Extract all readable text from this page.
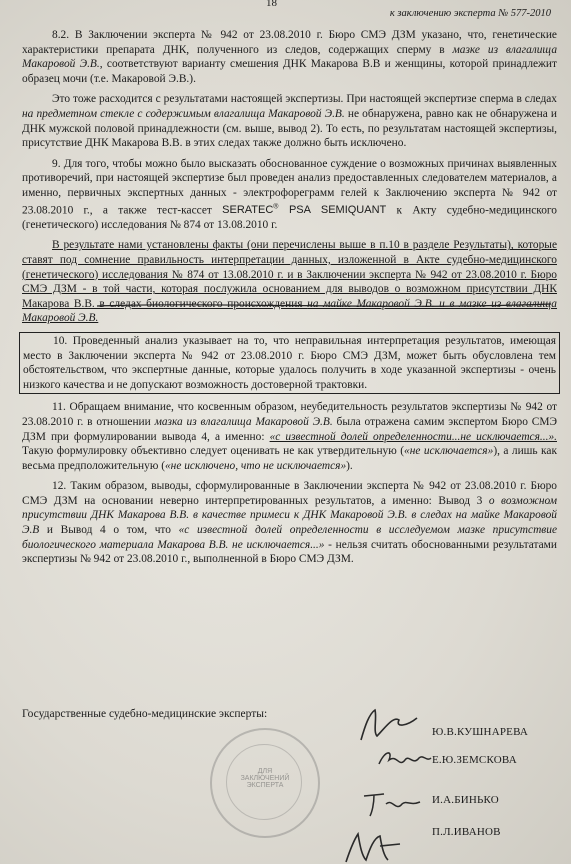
18
к заключению эксперта № 577-2010

8.2. В Заключении эксперта № 942 от 23.08.2010 г. Бюро СМЭ ДЗМ указано, что, генетические характеристики препарата ДНК, полученного из следов, содержащих сперму в мазке из влагалища Макаровой Э.В., соответствуют варианту смешения ДНК Макарова В.В и женщины, которой принадлежит образец мочи (т.е. Макаровой Э.В.).

Это тоже расходится с результатами настоящей экспертизы. При настоящей экспертизе сперма в следах на предметном стекле с содержимым влагалища Макаровой Э.В. не обнаружена, равно как не обнаружена и ДНК мужской половой принадлежности (см. выше, вывод 2). То есть, по результатам настоящей экспертизы, присутствие ДНК Макарова В.В. в этих следах также должно быть исключено.

9. Для того, чтобы можно было высказать обоснованное суждение о возможных причинах выявленных противоречий, при настоящей экспертизе был проведен анализ предоставленных следователем материалов, а именно, первичных экспертных данных - электрофореграмм гелей к Заключению эксперта № 942 от 23.08.2010 г., а также тест-кассет SERATEC® PSA SEMIQUANT к Акту судебно-медицинского (генетического) исследования № 874 от 13.08.2010 г.

В результате нами установлены факты (они перечислены выше в п.10 в разделе Результаты), которые ставят под сомнение правильность интерпретации данных, изложенной в Акте судебно-медицинского (генетического) исследования № 874 от 13.08.2010 г. и в Заключении эксперта № 942 от 23.08.2010 г. Бюро СМЭ ДЗМ - в той части, которая послужила основанием для выводов о возможном присутствии ДНК Макарова В.В. в следах биологического происхождения на майке Макаровой Э.В. и в мазке из влагалища Макаровой Э.В.

10. Проведенный анализ указывает на то, что неправильная интерпретация результатов, имеющая место в Заключении эксперта № 942 от 23.08.2010 г. Бюро СМЭ ДЗМ, может быть обусловлена тем обстоятельством, что экспертные данные, которые удалось получить в ходе указанной экспертизы - очень низкого качества и не допускают возможность достоверной трактовки.

11. Обращаем внимание, что косвенным образом, неубедительность результатов экспертизы № 942 от 23.08.2010 г. в отношении мазка из влагалища Макаровой Э.В. была отражена самим экспертом Бюро СМЭ ДЗМ при формулировании вывода 4, а именно: «с известной долей определенности...не исключается...». Такую формулировку объективно следует оценивать не как утвердительную («не исключается»), а лишь как весьма предположительную («не исключено, что не исключается»).

12. Таким образом, выводы, сформулированные в Заключении эксперта № 942 от 23.08.2010 г. Бюро СМЭ ДЗМ на основании неверно интерпретированных результатов, а именно: Вывод 3 о возможном присутствии ДНК Макарова В.В. в качестве примеси к ДНК Макаровой Э.В. в следах на майке Макаровой Э.В и Вывод 4 о том, что «с известной долей определенности в исследуемом мазке присутствие биологического материала Макарова В.В. не исключается...» - нельзя считать обоснованными результатами экспертизы № 942 от 23.08.2010 г., выполненной в Бюро СМЭ ДЗМ.

Государственные судебно-медицинские эксперты:
ДЛЯ ЗАКЛЮЧЕНИЙ ЭКСПЕРТА
Ю.В.КУШНАРЕВА
Е.Ю.ЗЕМСКОВА
И.А.БИНЬКО
П.Л.ИВАНОВ
